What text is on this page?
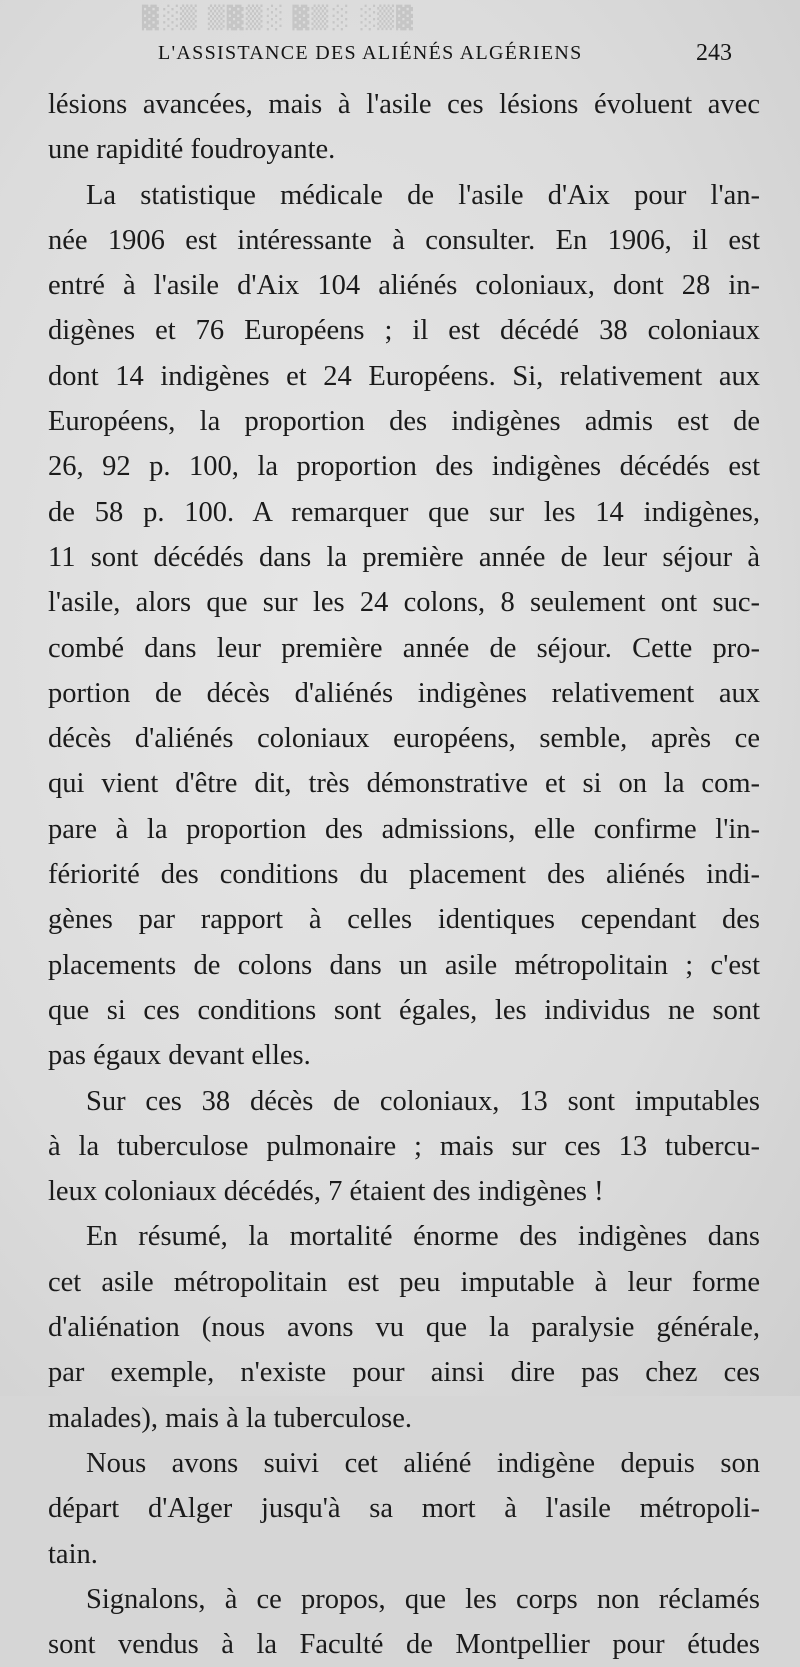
▓▒░ ░▒▓ ░▒▓▒ ▒░▓
L'ASSISTANCE DES ALIÉNÉS ALGÉRIENS	243
lésions avancées, mais à l'asile ces lésions évoluent avec
une rapidité foudroyante.
La statistique médicale de l'asile d'Aix pour l'an-
née 1906 est intéressante à consulter. En 1906, il est
entré à l'asile d'Aix 104 aliénés coloniaux, dont 28 in-
digènes et 76 Européens ; il est décédé 38 coloniaux
dont 14 indigènes et 24 Européens. Si, relativement aux
Européens, la proportion des indigènes admis est de
26, 92 p. 100, la proportion des indigènes décédés est
de 58 p. 100. A remarquer que sur les 14 indigènes,
11 sont décédés dans la première année de leur séjour à
l'asile, alors que sur les 24 colons, 8 seulement ont suc-
combé dans leur première année de séjour. Cette pro-
portion de décès d'aliénés indigènes relativement aux
décès d'aliénés coloniaux européens, semble, après ce
qui vient d'être dit, très démonstrative et si on la com-
pare à la proportion des admissions, elle confirme l'in-
fériorité des conditions du placement des aliénés indi-
gènes par rapport à celles identiques cependant des
placements de colons dans un asile métropolitain ; c'est
que si ces conditions sont égales, les individus ne sont
pas égaux devant elles.
Sur ces 38 décès de coloniaux, 13 sont imputables
à la tuberculose pulmonaire ; mais sur ces 13 tubercu-
leux coloniaux décédés, 7 étaient des indigènes !
En résumé, la mortalité énorme des indigènes dans
cet asile métropolitain est peu imputable à leur forme
d'aliénation (nous avons vu que la paralysie générale,
par exemple, n'existe pour ainsi dire pas chez ces
malades), mais à la tuberculose.
Nous avons suivi cet aliéné indigène depuis son
départ d'Alger jusqu'à sa mort à l'asile métropoli-
tain.
Signalons, à ce propos, que les corps non réclamés
sont vendus à la Faculté de Montpellier pour études
